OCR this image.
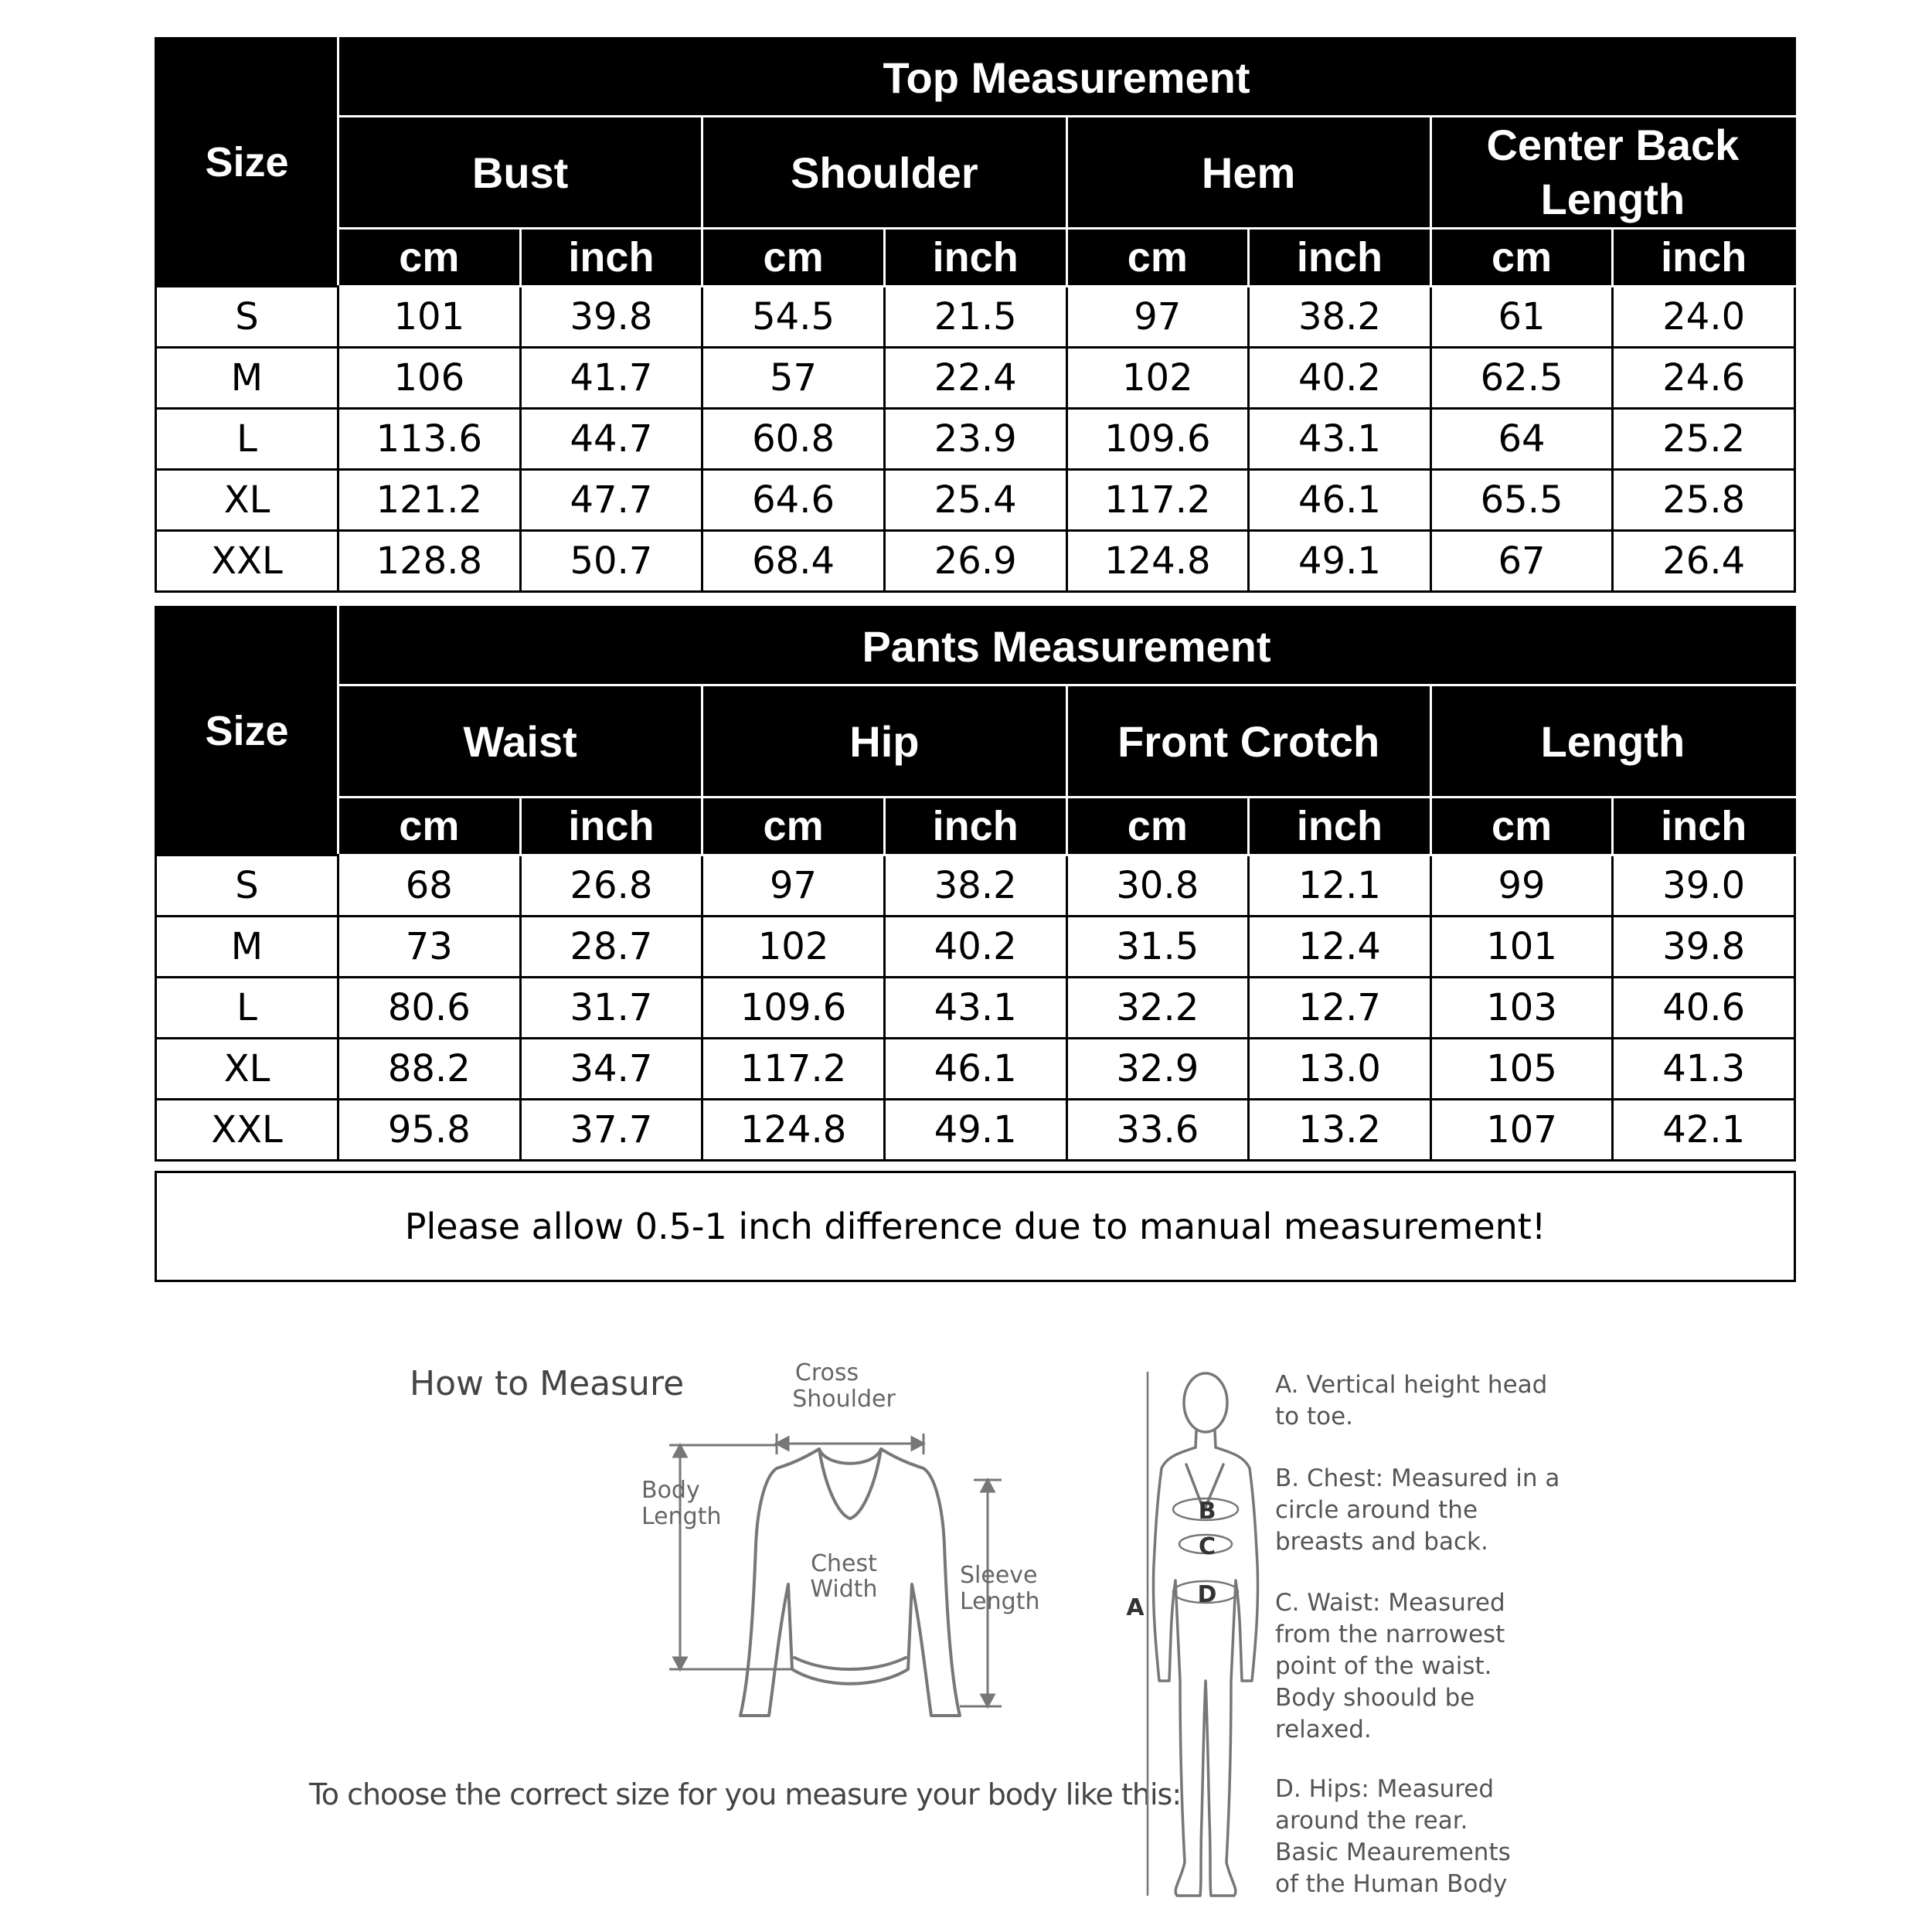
Size	Top Measurement							
	Bust		Shoulder		Hem		Center Back
Length	
	cm	inch	cm	inch	cm	inch	cm	inch
S	101	39.8	54.5	21.5	97	38.2	61	24.0
M	106	41.7	57	22.4	102	40.2	62.5	24.6
L	113.6	44.7	60.8	23.9	109.6	43.1	64	25.2
XL	121.2	47.7	64.6	25.4	117.2	46.1	65.5	25.8
XXL	128.8	50.7	68.4	26.9	124.8	49.1	67	26.4
Size	Pants Measurement							
	Waist		Hip		Front Crotch		Length	
	cm	inch	cm	inch	cm	inch	cm	inch
S	68	26.8	97	38.2	30.8	12.1	99	39.0
M	73	28.7	102	40.2	31.5	12.4	101	39.8
L	80.6	31.7	109.6	43.1	32.2	12.7	103	40.6
XL	88.2	34.7	117.2	46.1	32.9	13.0	105	41.3
XXL	95.8	37.7	124.8	49.1	33.6	13.2	107	42.1
Please allow 0.5-1 inch difference due to manual measurement!
How to Measure
To choose the correct size for you measure your body like this:
Cross Shoulder
Body Length
Chest Width
Sleeve Length	A
B
C
D
A. Vertical height head
to toe.
B. Chest: Measured in a
circle around the
breasts and back.
C. Waist: Measured
from the narrowest
point of the waist.
Body shoould be
relaxed.
D. Hips: Measured
around the rear.
Basic Meaurements
of the Human Body
